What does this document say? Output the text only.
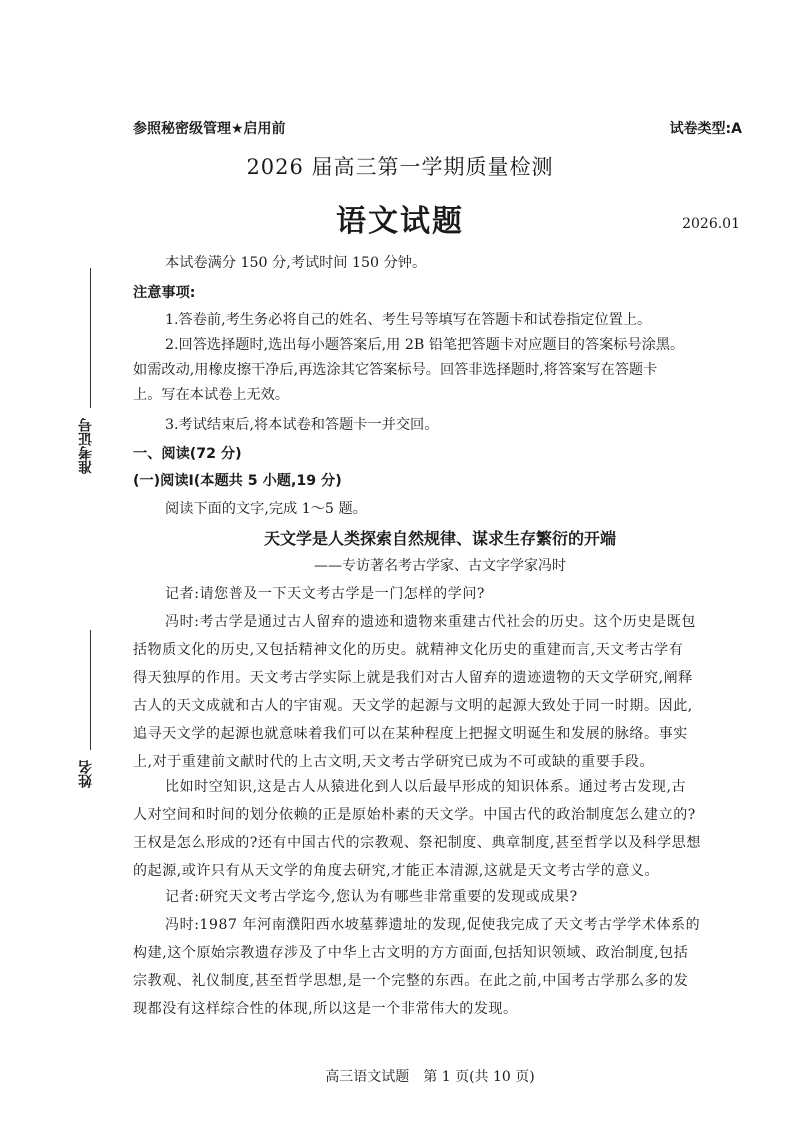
参照秘密级管理★启用前	试卷类型:A
2026 届高三第一学期质量检测
语文试题	2026.01
准考证号
姓名
本试卷满分 150 分,考试时间 150 分钟。
注意事项:
1.答卷前,考生务必将自己的姓名、考生号等填写在答题卡和试卷指定位置上。
2.回答选择题时,选出每小题答案后,用 2B 铅笔把答题卡对应题目的答案标号涂黑。
如需改动,用橡皮擦干净后,再选涂其它答案标号。回答非选择题时,将答案写在答题卡
上。写在本试卷上无效。
3.考试结束后,将本试卷和答题卡一并交回。
一、阅读(72 分)
(一)阅读Ⅰ(本题共 5 小题,19 分)
阅读下面的文字,完成 1～5 题。
天文学是人类探索自然规律、谋求生存繁衍的开端
——专访著名考古学家、古文字学家冯时
记者:请您普及一下天文考古学是一门怎样的学问?
冯时:考古学是通过古人留弃的遗迹和遗物来重建古代社会的历史。这个历史是既包
括物质文化的历史,又包括精神文化的历史。就精神文化历史的重建而言,天文考古学有
得天独厚的作用。天文考古学实际上就是我们对古人留弃的遗迹遗物的天文学研究,阐释
古人的天文成就和古人的宇宙观。天文学的起源与文明的起源大致处于同一时期。因此,
追寻天文学的起源也就意味着我们可以在某种程度上把握文明诞生和发展的脉络。事实
上,对于重建前文献时代的上古文明,天文考古学研究已成为不可或缺的重要手段。
比如时空知识,这是古人从猿进化到人以后最早形成的知识体系。通过考古发现,古
人对空间和时间的划分依赖的正是原始朴素的天文学。中国古代的政治制度怎么建立的?
王权是怎么形成的?还有中国古代的宗教观、祭祀制度、典章制度,甚至哲学以及科学思想
的起源,或许只有从天文学的角度去研究,才能正本清源,这就是天文考古学的意义。
记者:研究天文考古学迄今,您认为有哪些非常重要的发现或成果?
冯时:1987 年河南濮阳西水坡墓葬遗址的发现,促使我完成了天文考古学学术体系的
构建,这个原始宗教遗存涉及了中华上古文明的方方面面,包括知识领域、政治制度,包括
宗教观、礼仪制度,甚至哲学思想,是一个完整的东西。在此之前,中国考古学那么多的发
现都没有这样综合性的体现,所以这是一个非常伟大的发现。
高三语文试题　第 1 页(共 10 页)
